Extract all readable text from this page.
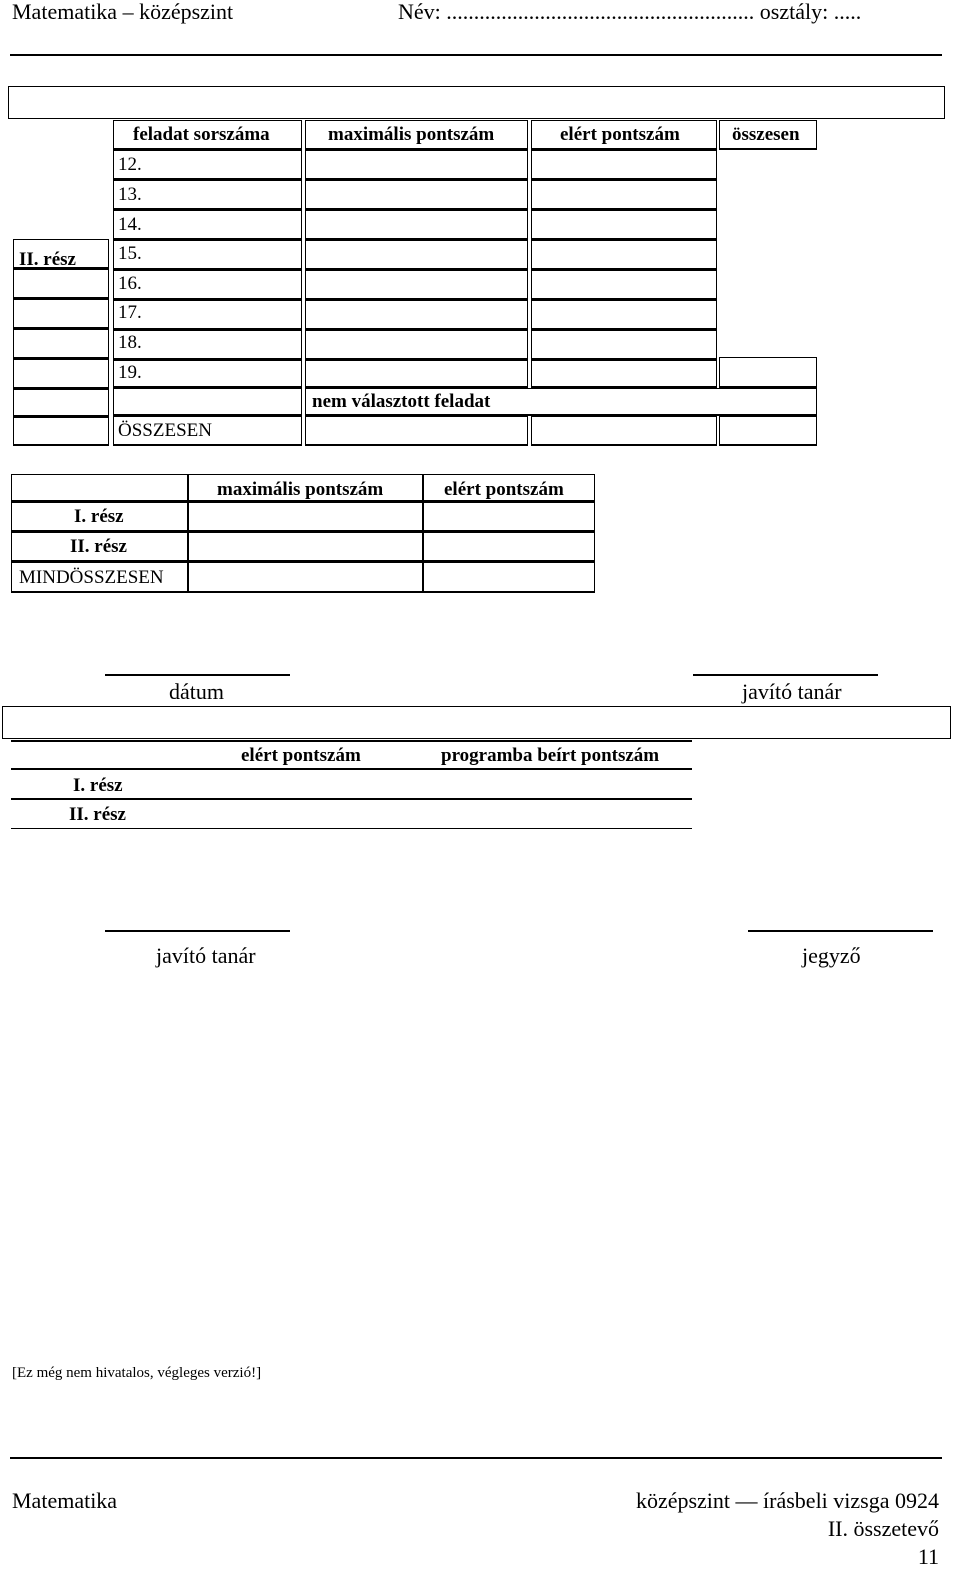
Matematika – középszint	Név: ........................................................ osztály: .....
feladat sorszáma	maximális pontszám	elért pontszám	összesen
II. rész
12.
13.
14.
15.
16.
17.
18.
19.
nem választott feladat
ÖSSZESEN
maximális pontszám	elért pontszám
I. rész
II. rész
MINDÖSSZESEN
dátum	javító tanár
elért pontszám	programba beírt pontszám
I. rész
II. rész
javító tanár	jegyző
[Ez még nem hivatalos, végleges verzió!]
Matematika	középszint — írásbeli vizsga 0924
II. összetevő
11
